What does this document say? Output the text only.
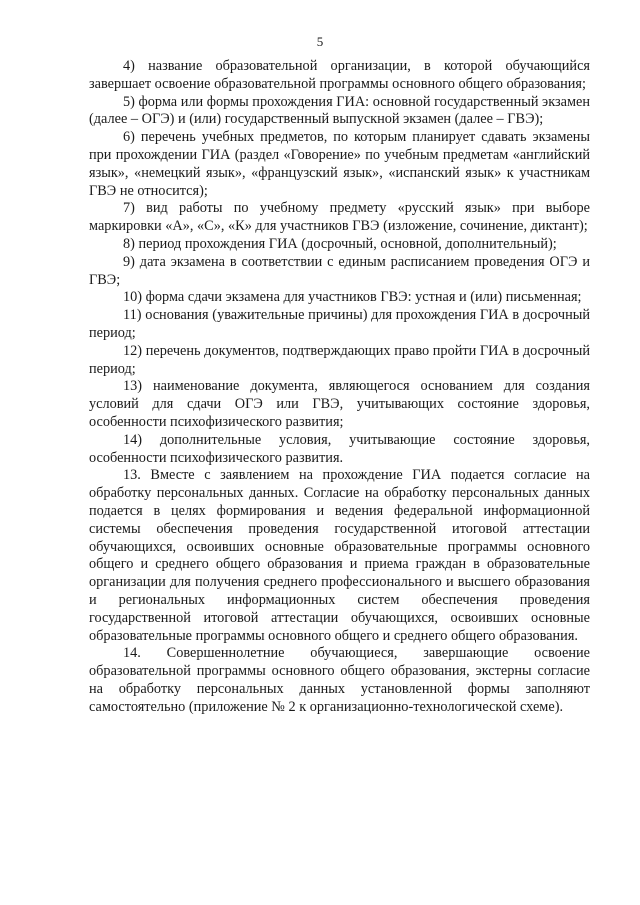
5

4) название образовательной организации, в которой обучающийся завершает освоение образовательной программы основного общего образования;

5) форма или формы прохождения ГИА: основной государственный экзамен (далее – ОГЭ) и (или) государственный выпускной экзамен (далее – ГВЭ);

6) перечень учебных предметов, по которым планирует сдавать экзамены при прохождении ГИА (раздел «Говорение» по учебным предметам «английский язык», «немецкий язык», «французский язык», «испанский язык» к участникам ГВЭ не относится);

7) вид работы по учебному предмету «русский язык» при выборе маркировки «А», «С», «К» для участников ГВЭ (изложение, сочинение, диктант);

8) период прохождения ГИА (досрочный, основной, дополнительный);

9) дата экзамена в соответствии с единым расписанием проведения ОГЭ и ГВЭ;

10) форма сдачи экзамена для участников ГВЭ: устная и (или) письменная;

11) основания (уважительные причины) для прохождения ГИА в досрочный период;

12) перечень документов, подтверждающих право пройти ГИА в досрочный период;

13) наименование документа, являющегося основанием для создания условий для сдачи ОГЭ или ГВЭ, учитывающих состояние здоровья, особенности психофизического развития;

14) дополнительные условия, учитывающие состояние здоровья, особенности психофизического развития.

13. Вместе с заявлением на прохождение ГИА подается согласие на обработку персональных данных. Согласие на обработку персональных данных подается в целях формирования и ведения федеральной информационной системы обеспечения проведения государственной итоговой аттестации обучающихся, освоивших основные образовательные программы основного общего и среднего общего образования и приема граждан в образовательные организации для получения среднего профессионального и высшего образования и региональных информационных систем обеспечения проведения государственной итоговой аттестации обучающихся, освоивших основные образовательные программы основного общего и среднего общего образования.

14. Совершеннолетние обучающиеся, завершающие освоение образовательной программы основного общего образования, экстерны согласие на обработку персональных данных установленной формы заполняют самостоятельно (приложение № 2 к организационно-технологической схеме).
